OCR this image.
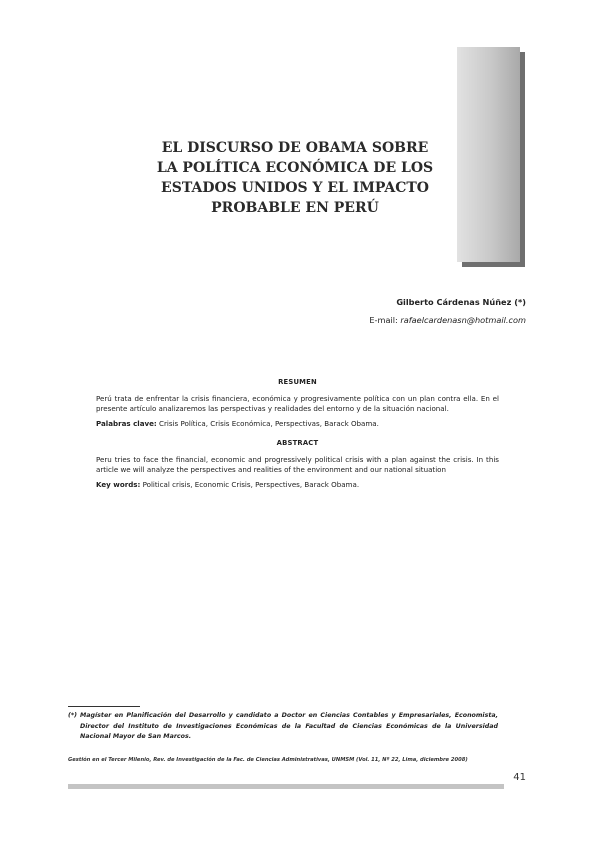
EL DISCURSO DE OBAMA SOBRE
LA POLÍTICA ECONÓMICA DE LOS
ESTADOS UNIDOS Y EL IMPACTO
PROBABLE EN PERÚ
Gilberto Cárdenas Núñez (*)
E-mail: rafaelcardenasn@hotmail.com
RESUMEN

Perú trata de enfrentar la crisis financiera, económica y progresivamente política con un plan contra ella. En el presente artículo analizaremos las perspectivas y realidades del entorno y de la situación nacional.

Palabras clave: Crisis Política, Crisis Económica, Perspectivas, Barack Obama.

ABSTRACT

Peru tries to face the financial, economic and progressively political crisis with a plan against the crisis. In this article we will analyze the perspectives and realities of the environment and our national situation

Key words: Political crisis, Economic Crisis, Perspectives, Barack Obama.

(*) Magíster en Planificación del Desarrollo y candidato a Doctor en Ciencias Contables y Empresariales, Economista, Director del Instituto de Investigaciones Económicas de la Facultad de Ciencias Económicas de la Universidad Nacional Mayor de San Marcos.
Gestión en el Tercer Milenio, Rev. de Investigación de la Fac. de Ciencias Administrativas, UNMSM (Vol. 11, Nº 22, Lima, diciembre 2008)
41
